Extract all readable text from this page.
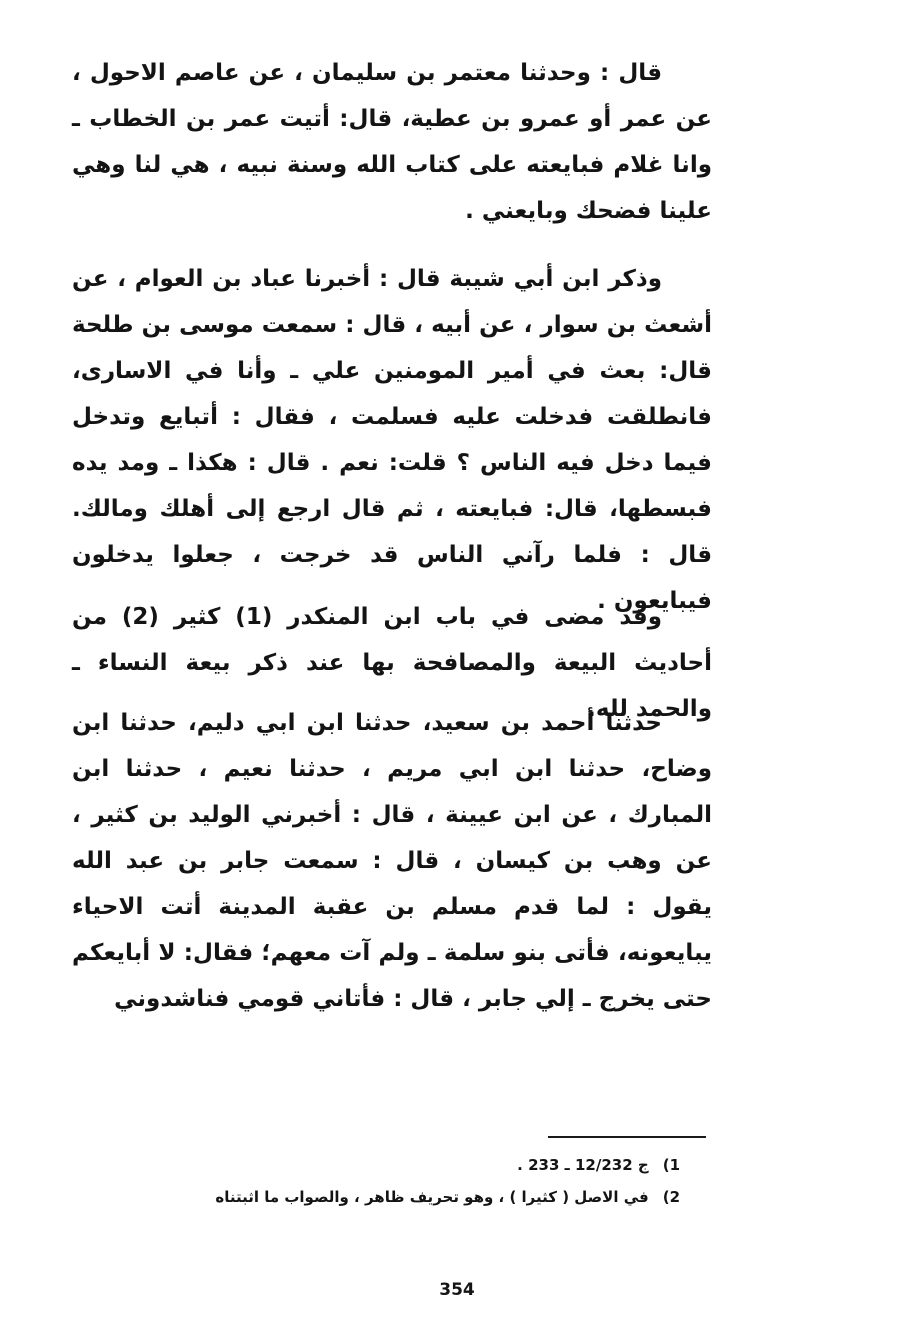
قال : وحدثنا معتمر بن سليمان ، عن عاصم الاحول ، عن عمر أو عمرو بن عطية، قال: أتيت عمر بن الخطاب ـ وانا غلام فبايعته على كتاب الله وسنة نبيه ، هي لنا وهي علينا فضحك وبايعني .
وذكر ابن أبي شيبة قال : أخبرنا عباد بن العوام ، عن أشعث بن سوار ، عن أبيه ، قال : سمعت موسى بن طلحة قال: بعث في أمير المومنين علي ـ وأنا في الاسارى، فانطلقت فدخلت عليه فسلمت ، فقال : أتبايع وتدخل فيما دخل فيه الناس ؟ قلت: نعم . قال : هكذا ـ ومد يده فبسطها، قال: فبايعته ، ثم قال ارجع إلى أهلك ومالك. قال : فلما رآني الناس قد خرجت ، جعلوا يدخلون فيبايعون .
وقد مضى في باب ابن المنكدر (1) كثير (2) من أحاديث البيعة والمصافحة بها عند ذكر بيعة النساء ـ والحمد لله.
حدثنا أحمد بن سعيد، حدثنا ابن ابي دليم، حدثنا ابن وضاح، حدثنا ابن ابي مريم ، حدثنا نعيم ، حدثنا ابن المبارك ، عن ابن عيينة ، قال : أخبرني الوليد بن كثير ، عن وهب بن كيسان ، قال : سمعت جابر بن عبد الله يقول : لما قدم مسلم بن عقبة المدينة أتت الاحياء يبايعونه، فأتى بنو سلمة ـ ولم آت معهم؛ فقال: لا أبايعكم حتى يخرج ـ إلي جابر ، قال : فأتاني قومي فناشدوني
1)ج 12/232 ـ 233 .
2)في الاصل ( كثيرا ) ، وهو تحريف ظاهر ، والصواب ما اثبتناه
354
